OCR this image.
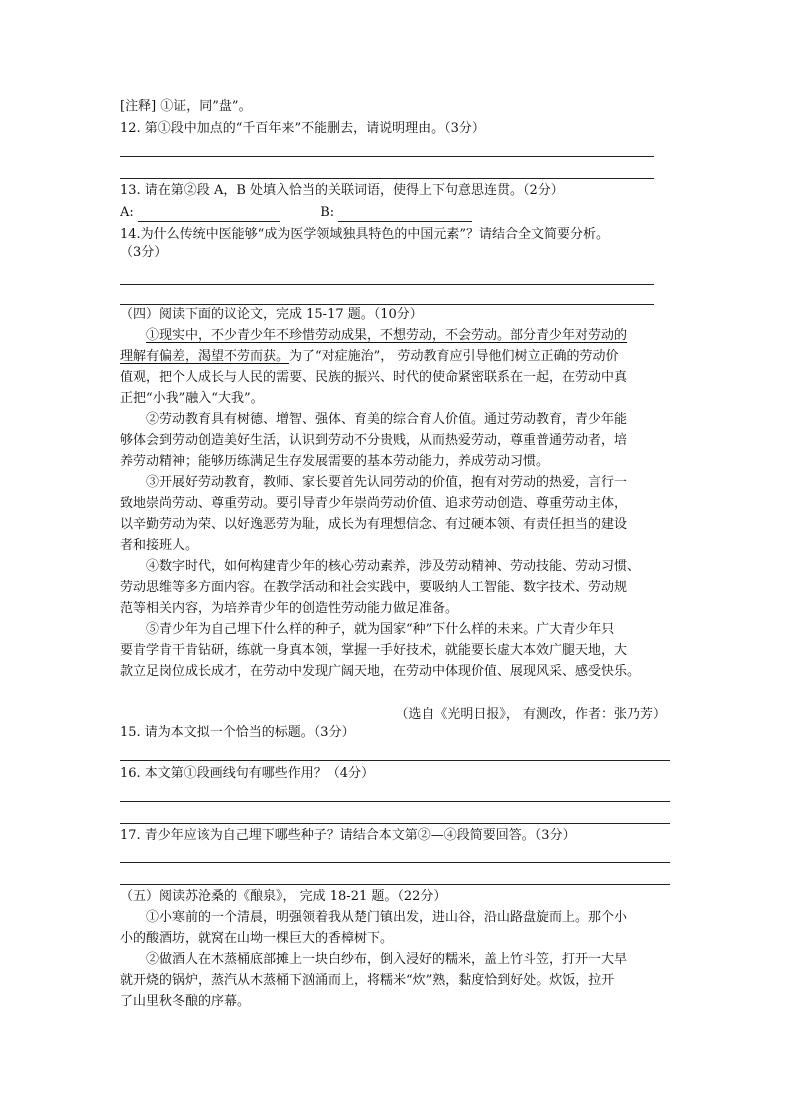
[注释] ①证，同”盘”。
12. 第①段中加点的“千百年来”不能删去，请说明理由。（3分）
13. 请在第②段 A，B 处填入恰当的关联词语，使得上下句意思连贯。（2分）
A:	B:
14.为什么传统中医能够“成为医学领域独具特色的中国元素”？请结合全文简要分析。
（3分）
（四）阅读下面的议论文，完成 15-17 题。（10分）
①现实中，不少青少年不珍惜劳动成果，不想劳动，不会劳动。部分青少年对劳动的
理解有偏差，渴望不劳而获。为了“对症施治”， 劳动教育应引导他们树立正确的劳动价
值观，把个人成长与人民的需要、民族的振兴、时代的使命紧密联系在一起，在劳动中真
正把“小我”融入“大我”。
②劳动教育具有树德、增智、强体、育美的综合育人价值。通过劳动教育，青少年能
够体会到劳动创造美好生活，认识到劳动不分贵贱，从而热爱劳动，尊重普通劳动者，培
养劳动精神；能够历练满足生存发展需要的基本劳动能力，养成劳动习惯。
③开展好劳动教育，教师、家长要首先认同劳动的价值，抱有对劳动的热爱，言行一
致地崇尚劳动、尊重劳动。要引导青少年崇尚劳动价值、追求劳动创造、尊重劳动主体，
以辛勤劳动为荣、以好逸恶劳为耻，成长为有理想信念、有过硬本领、有责任担当的建设
者和接班人。
④数字时代，如何构建青少年的核心劳动素养，涉及劳动精神、劳动技能、劳动习惯、
劳动思维等多方面内容。在教学活动和社会实践中，要吸纳人工智能、数字技术、劳动规
范等相关内容，为培养青少年的创造性劳动能力做足准备。
⑤青少年为自己埋下什么样的种子，就为国家“种”下什么样的未来。广大青少年只
要肯学肯干肯钻研，练就一身真本领，掌握一手好技术，就能要长虚大本效广腿天地，大
款立足岗位成长成才，在劳动中发现广阔天地，在劳动中体现价值、展现风采、感受快乐。
（选自《光明日报》， 有测改，作者：张乃芳）
15. 请为本文拟一个恰当的标题。（3分）
16. 本文第①段画线句有哪些作用？（4分）
17. 青少年应该为自己埋下哪些种子？请结合本文第②—④段简要回答。（3分）
（五）阅读苏沧桑的《酿泉》， 完成 18-21 题。（22分）
①小寒前的一个清晨，明强领着我从楚门镇出发，进山谷，沿山路盘旋而上。那个小
小的酸酒坊，就窝在山坳一棵巨大的香樟树下。
②做酒人在木蒸桶底部摊上一块白纱布，倒入浸好的糯米，盖上竹斗笠，打开一大早
就开烧的锅炉，蒸汽从木蒸桶下汹涌而上，将糯米“炊”熟，黏度恰到好处。炊饭，拉开
了山里秋冬酿的序幕。
